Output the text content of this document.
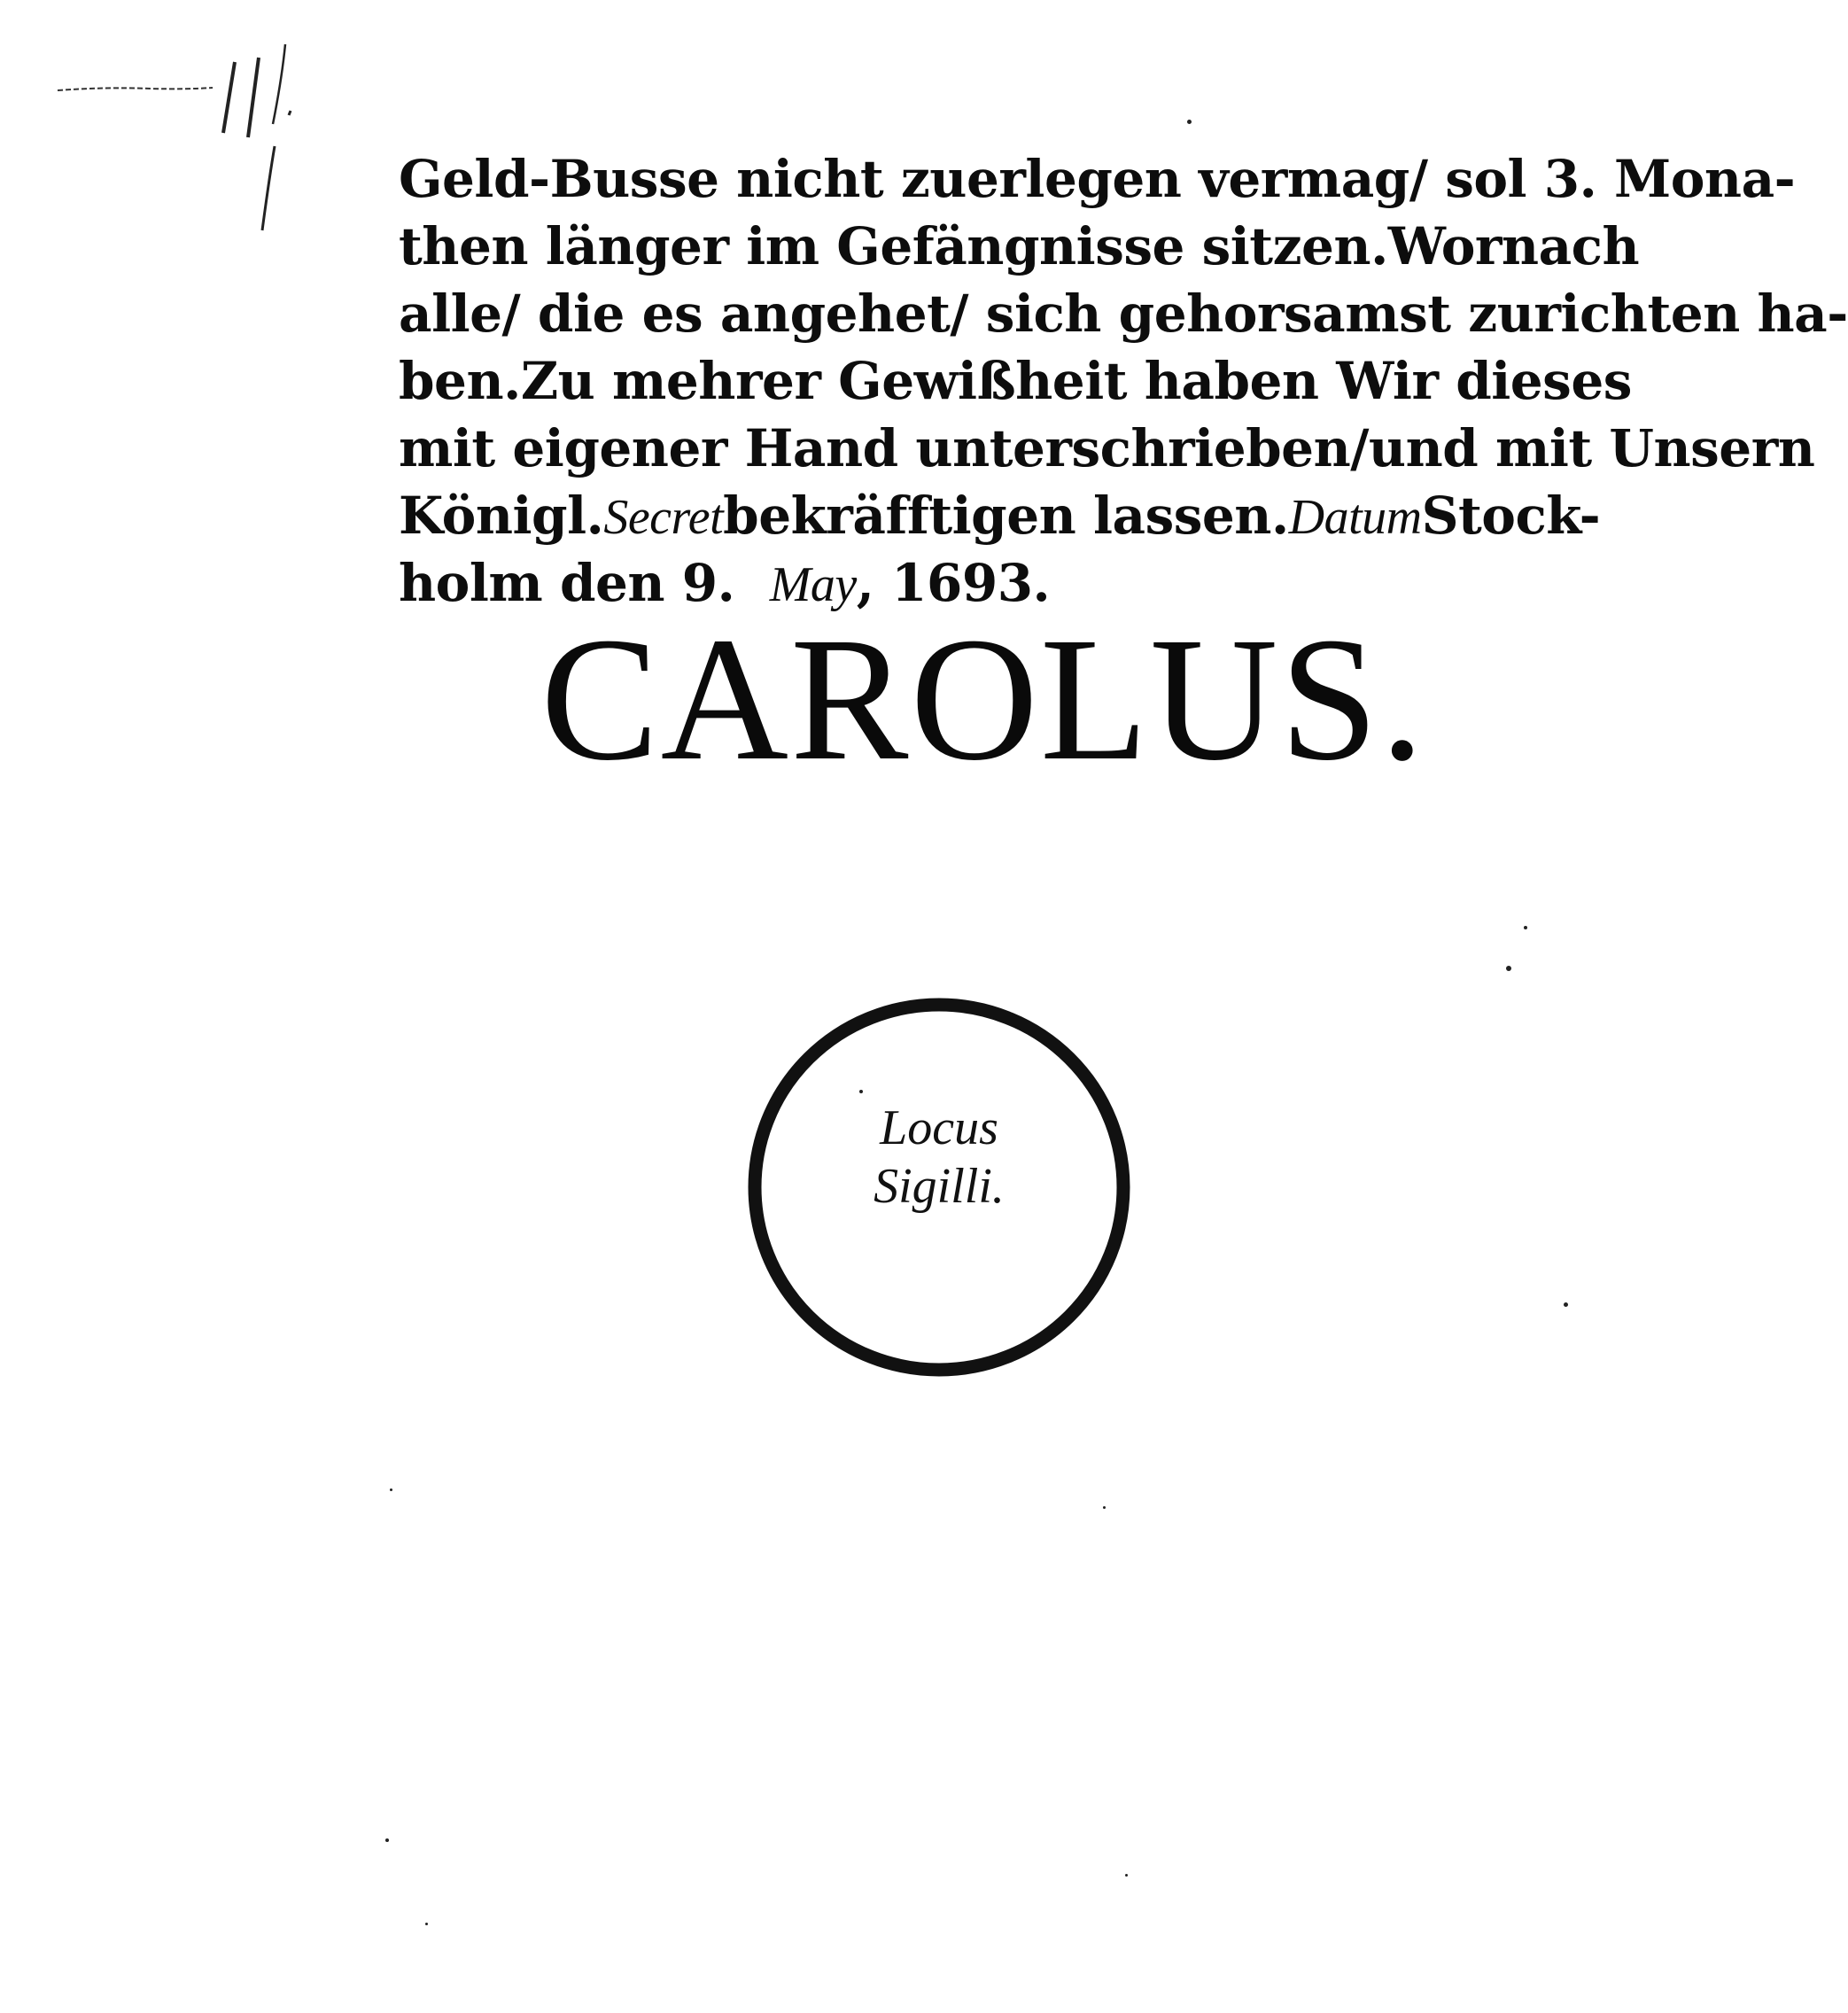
Geld-Busse nicht zuerlegen vermag/ sol 3. Mona-
then länger im Gefängnisse sitzen. Wornach
alle/ die es angehet/ sich gehorsamst zurichten ha-
ben. Zu mehrer Gewißheit haben Wir dieses
mit eigener Hand unterschrieben/und mit Unsern
Königl. Secret bekräfftigen lassen. Datum Stock-
holm den 9.
May , 1693.
CAROLUS.
Locus
Sigilli.
